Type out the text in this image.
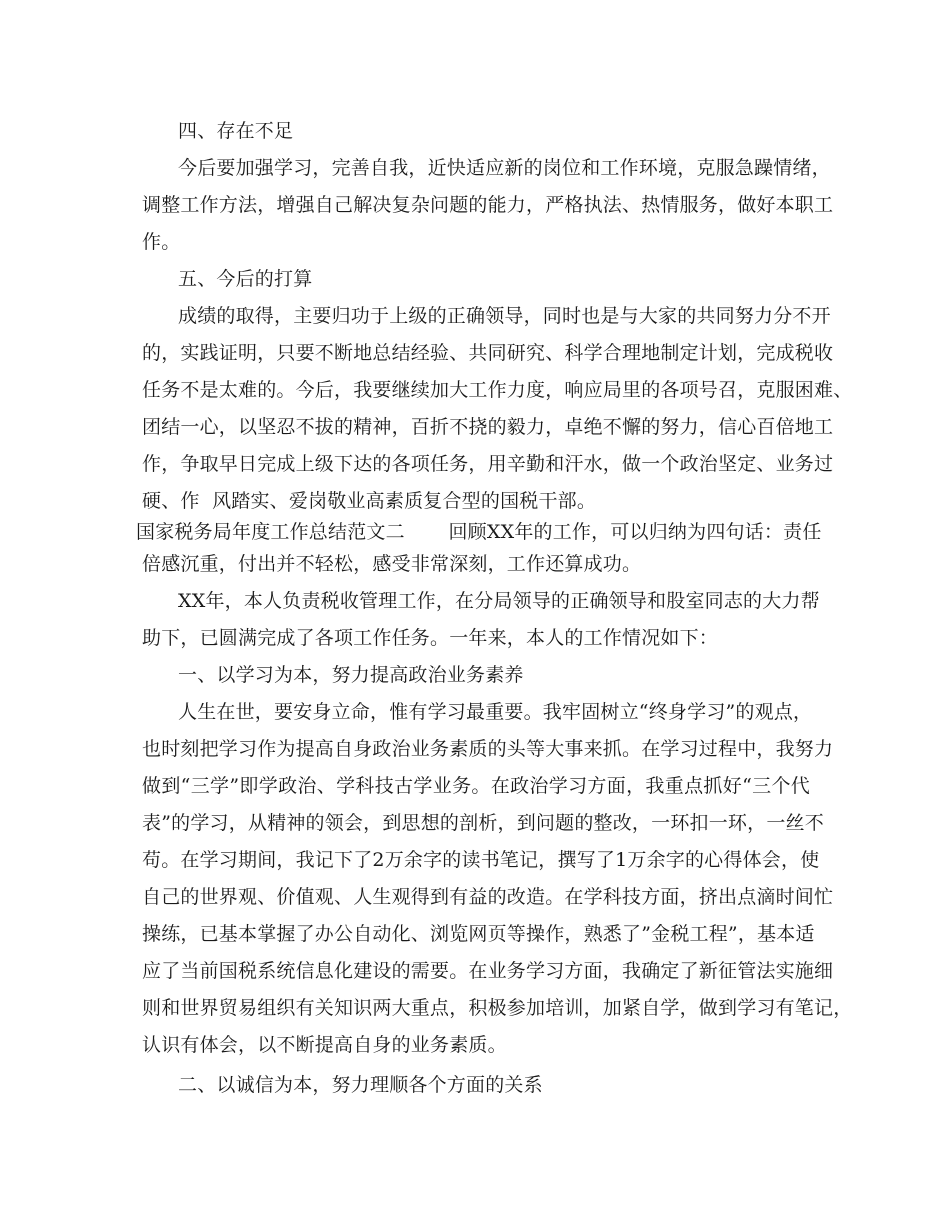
四、存在不足
今后要加强学习，完善自我，近快适应新的岗位和工作环境，克服急躁情绪，
调整工作方法，增强自己解决复杂问题的能力，严格执法、热情服务，做好本职工
作。
五、今后的打算
成绩的取得，主要归功于上级的正确领导，同时也是与大家的共同努力分不开
的，实践证明，只要不断地总结经验、共同研究、科学合理地制定计划，完成税收
任务不是太难的。今后，我要继续加大工作力度，响应局里的各项号召，克服困难、
团结一心，以坚忍不拔的精神，百折不挠的毅力，卓绝不懈的努力，信心百倍地工
作，争取早日完成上级下达的各项任务，用辛勤和汗水，做一个政治坚定、业务过
硬、作  风踏实、爱岗敬业高素质复合型的国税干部。
国家税务局年度工作总结范文二       回顾XX年的工作，可以归纳为四句话：责任
倍感沉重，付出并不轻松，感受非常深刻，工作还算成功。
XX年，本人负责税收管理工作，在分局领导的正确领导和股室同志的大力帮
助下，已圆满完成了各项工作任务。一年来，本人的工作情况如下：
一、以学习为本，努力提高政治业务素养
人生在世，要安身立命，惟有学习最重要。我牢固树立“终身学习”的观点，
也时刻把学习作为提高自身政治业务素质的头等大事来抓。在学习过程中，我努力
做到“三学”即学政治、学科技古学业务。在政治学习方面，我重点抓好“三个代
表”的学习，从精神的领会，到思想的剖析，到问题的整改，一环扣一环，一丝不
苟。在学习期间，我记下了2万余字的读书笔记，撰写了1万余字的心得体会，使
自己的世界观、价值观、人生观得到有益的改造。在学科技方面，挤出点滴时间忙
操练，已基本掌握了办公自动化、浏览网页等操作，熟悉了”金税工程”，基本适
应了当前国税系统信息化建设的需要。在业务学习方面，我确定了新征管法实施细
则和世界贸易组织有关知识两大重点，积极参加培训，加紧自学，做到学习有笔记，
认识有体会，以不断提高自身的业务素质。
二、以诚信为本，努力理顺各个方面的关系
